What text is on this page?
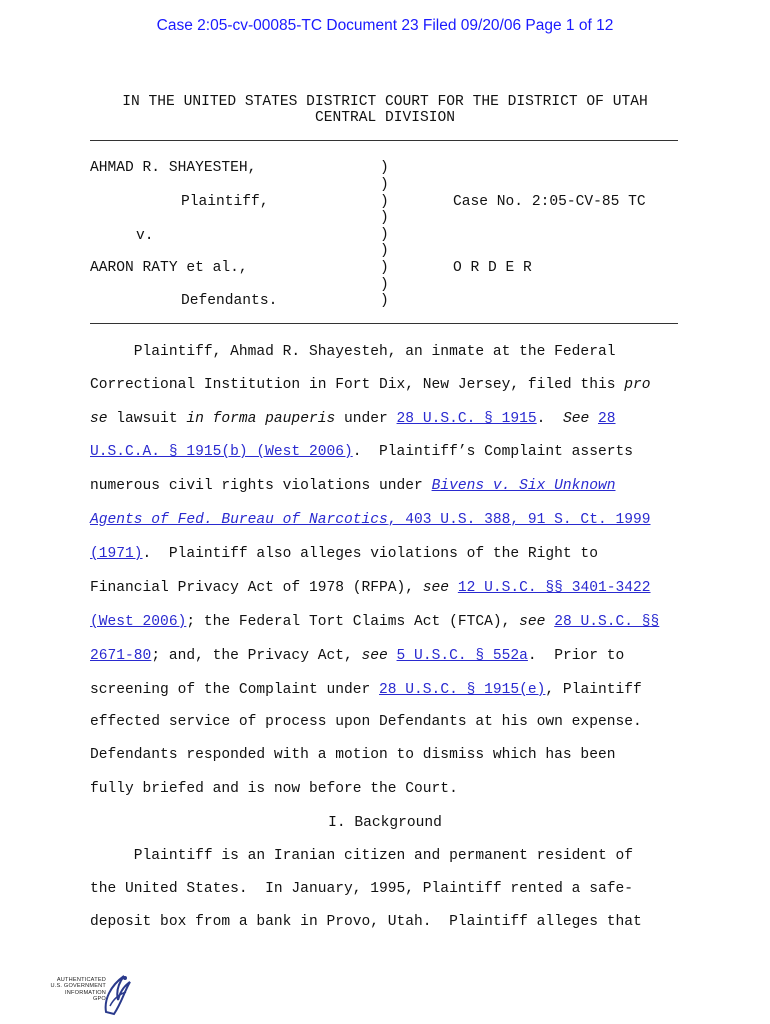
Case 2:05-cv-00085-TC Document 23 Filed 09/20/06 Page 1 of 12
IN THE UNITED STATES DISTRICT COURT FOR THE DISTRICT OF UTAH
CENTRAL DIVISION
AHMAD R. SHAYESTEH,
Plaintiff,
v.
AARON RATY et al.,
Defendants.
)
)
)
)
)
)
)
)
)
Case No. 2:05-CV-85 TC
O R D E R
Plaintiff, Ahmad R. Shayesteh, an inmate at the Federal
Correctional Institution in Fort Dix, New Jersey, filed this pro
se lawsuit in forma pauperis under 28 U.S.C. § 1915.  See 28
U.S.C.A. § 1915(b) (West 2006).  Plaintiff’s Complaint asserts
numerous civil rights violations under Bivens v. Six Unknown
Agents of Fed. Bureau of Narcotics, 403 U.S. 388, 91 S. Ct. 1999
(1971).  Plaintiff also alleges violations of the Right to
Financial Privacy Act of 1978 (RFPA), see 12 U.S.C. §§ 3401-3422
(West 2006); the Federal Tort Claims Act (FTCA), see 28 U.S.C. §§
2671-80; and, the Privacy Act, see 5 U.S.C. § 552a.  Prior to
screening of the Complaint under 28 U.S.C. § 1915(e), Plaintiff
effected service of process upon Defendants at his own expense.
Defendants responded with a motion to dismiss which has been
fully briefed and is now before the Court.
I. Background
Plaintiff is an Iranian citizen and permanent resident of
the United States.  In January, 1995, Plaintiff rented a safe-
deposit box from a bank in Provo, Utah.  Plaintiff alleges that
AUTHENTICATED
U.S. GOVERNMENT
INFORMATION
GPO
